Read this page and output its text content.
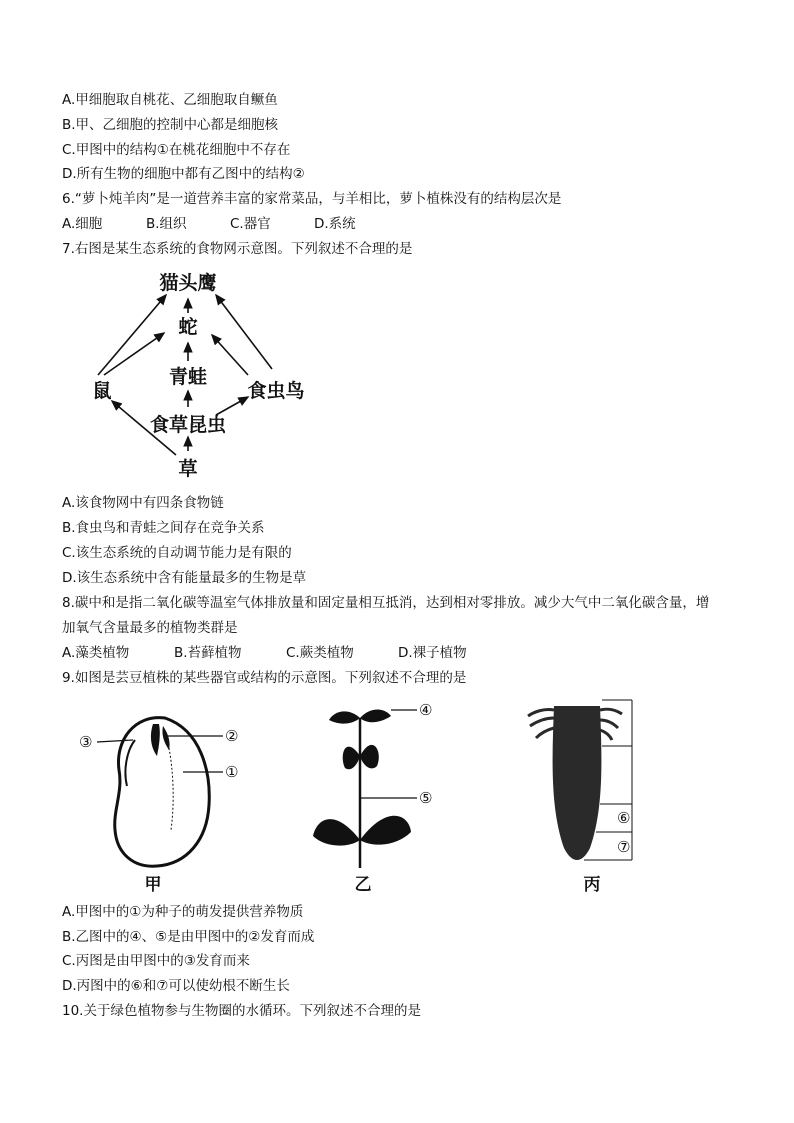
A.甲细胞取自桃花、乙细胞取自鳜鱼
B.甲、乙细胞的控制中心都是细胞核
C.甲图中的结构①在桃花细胞中不存在
D.所有生物的细胞中都有乙图中的结构②
6.“萝卜炖羊肉”是一道营养丰富的家常菜品，与羊相比，萝卜植株没有的结构层次是
A.细胞	B.组织	C.器官	D.系统
7.右图是某生态系统的食物网示意图。下列叙述不合理的是
猫头鹰
蛇
青蛙
鼠	食虫鸟
食草昆虫
草
A.该食物网中有四条食物链
B.食虫鸟和青蛙之间存在竞争关系
C.该生态系统的自动调节能力是有限的
D.该生态系统中含有能量最多的生物是草
8.碳中和是指二氧化碳等温室气体排放量和固定量相互抵消，达到相对零排放。减少大气中二氧化碳含量，增
加氧气含量最多的植物类群是
A.藻类植物	B.苔藓植物	C.蕨类植物	D.裸子植物
9.如图是芸豆植株的某些器官或结构的示意图。下列叙述不合理的是
③	②
①
甲
④
⑤
乙
⑥
⑦
丙
A.甲图中的①为种子的萌发提供营养物质
B.乙图中的④、⑤是由甲图中的②发育而成
C.丙图是由甲图中的③发育而来
D.丙图中的⑥和⑦可以使幼根不断生长
10.关于绿色植物参与生物圈的水循环。下列叙述不合理的是
